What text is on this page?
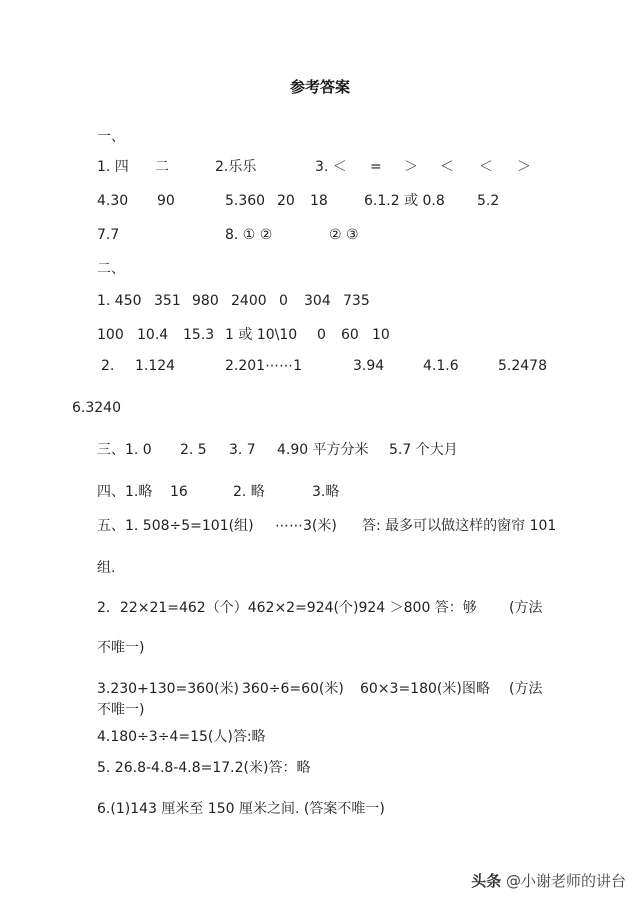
参考答案
一、
1. 四 二	2.乐乐	3. ＜ = ＞ ＜ ＜ ＞
4.30 90	5.360 20 18	6.1.2 或 0.8 5.2
7.7	8. ① ②	② ③
二、
1. 450 351 980 2400 0 304 735
100 10.4 15.3 1 或 10\10 0 60 10
2. 1.124	2.201⋯⋯1	3.94	4.1.6	5.2478
6.3240
三、1. 0 2. 5 3. 7 4.90 平方分米 5.7 个大月
四、1.略 16	2. 略	3.略
五、1. 508÷5=101(组) ⋯⋯3(米) 答: 最多可以做这样的窗帘 101
组.
2．22×21=462（个）462×2=924(个)924 ＞800 答：够 (方法
不唯一)
3.230+130=360(米) 360÷6=60(米) 60×3=180(米) 图略 (方法
不唯一)
4.180÷3÷4=15(人)答:略
5. 26.8-4.8-4.8=17.2(米)答：略
6.(1)143 厘米至 150 厘米之间. (答案不唯一)
头条 @小谢老师的讲台
